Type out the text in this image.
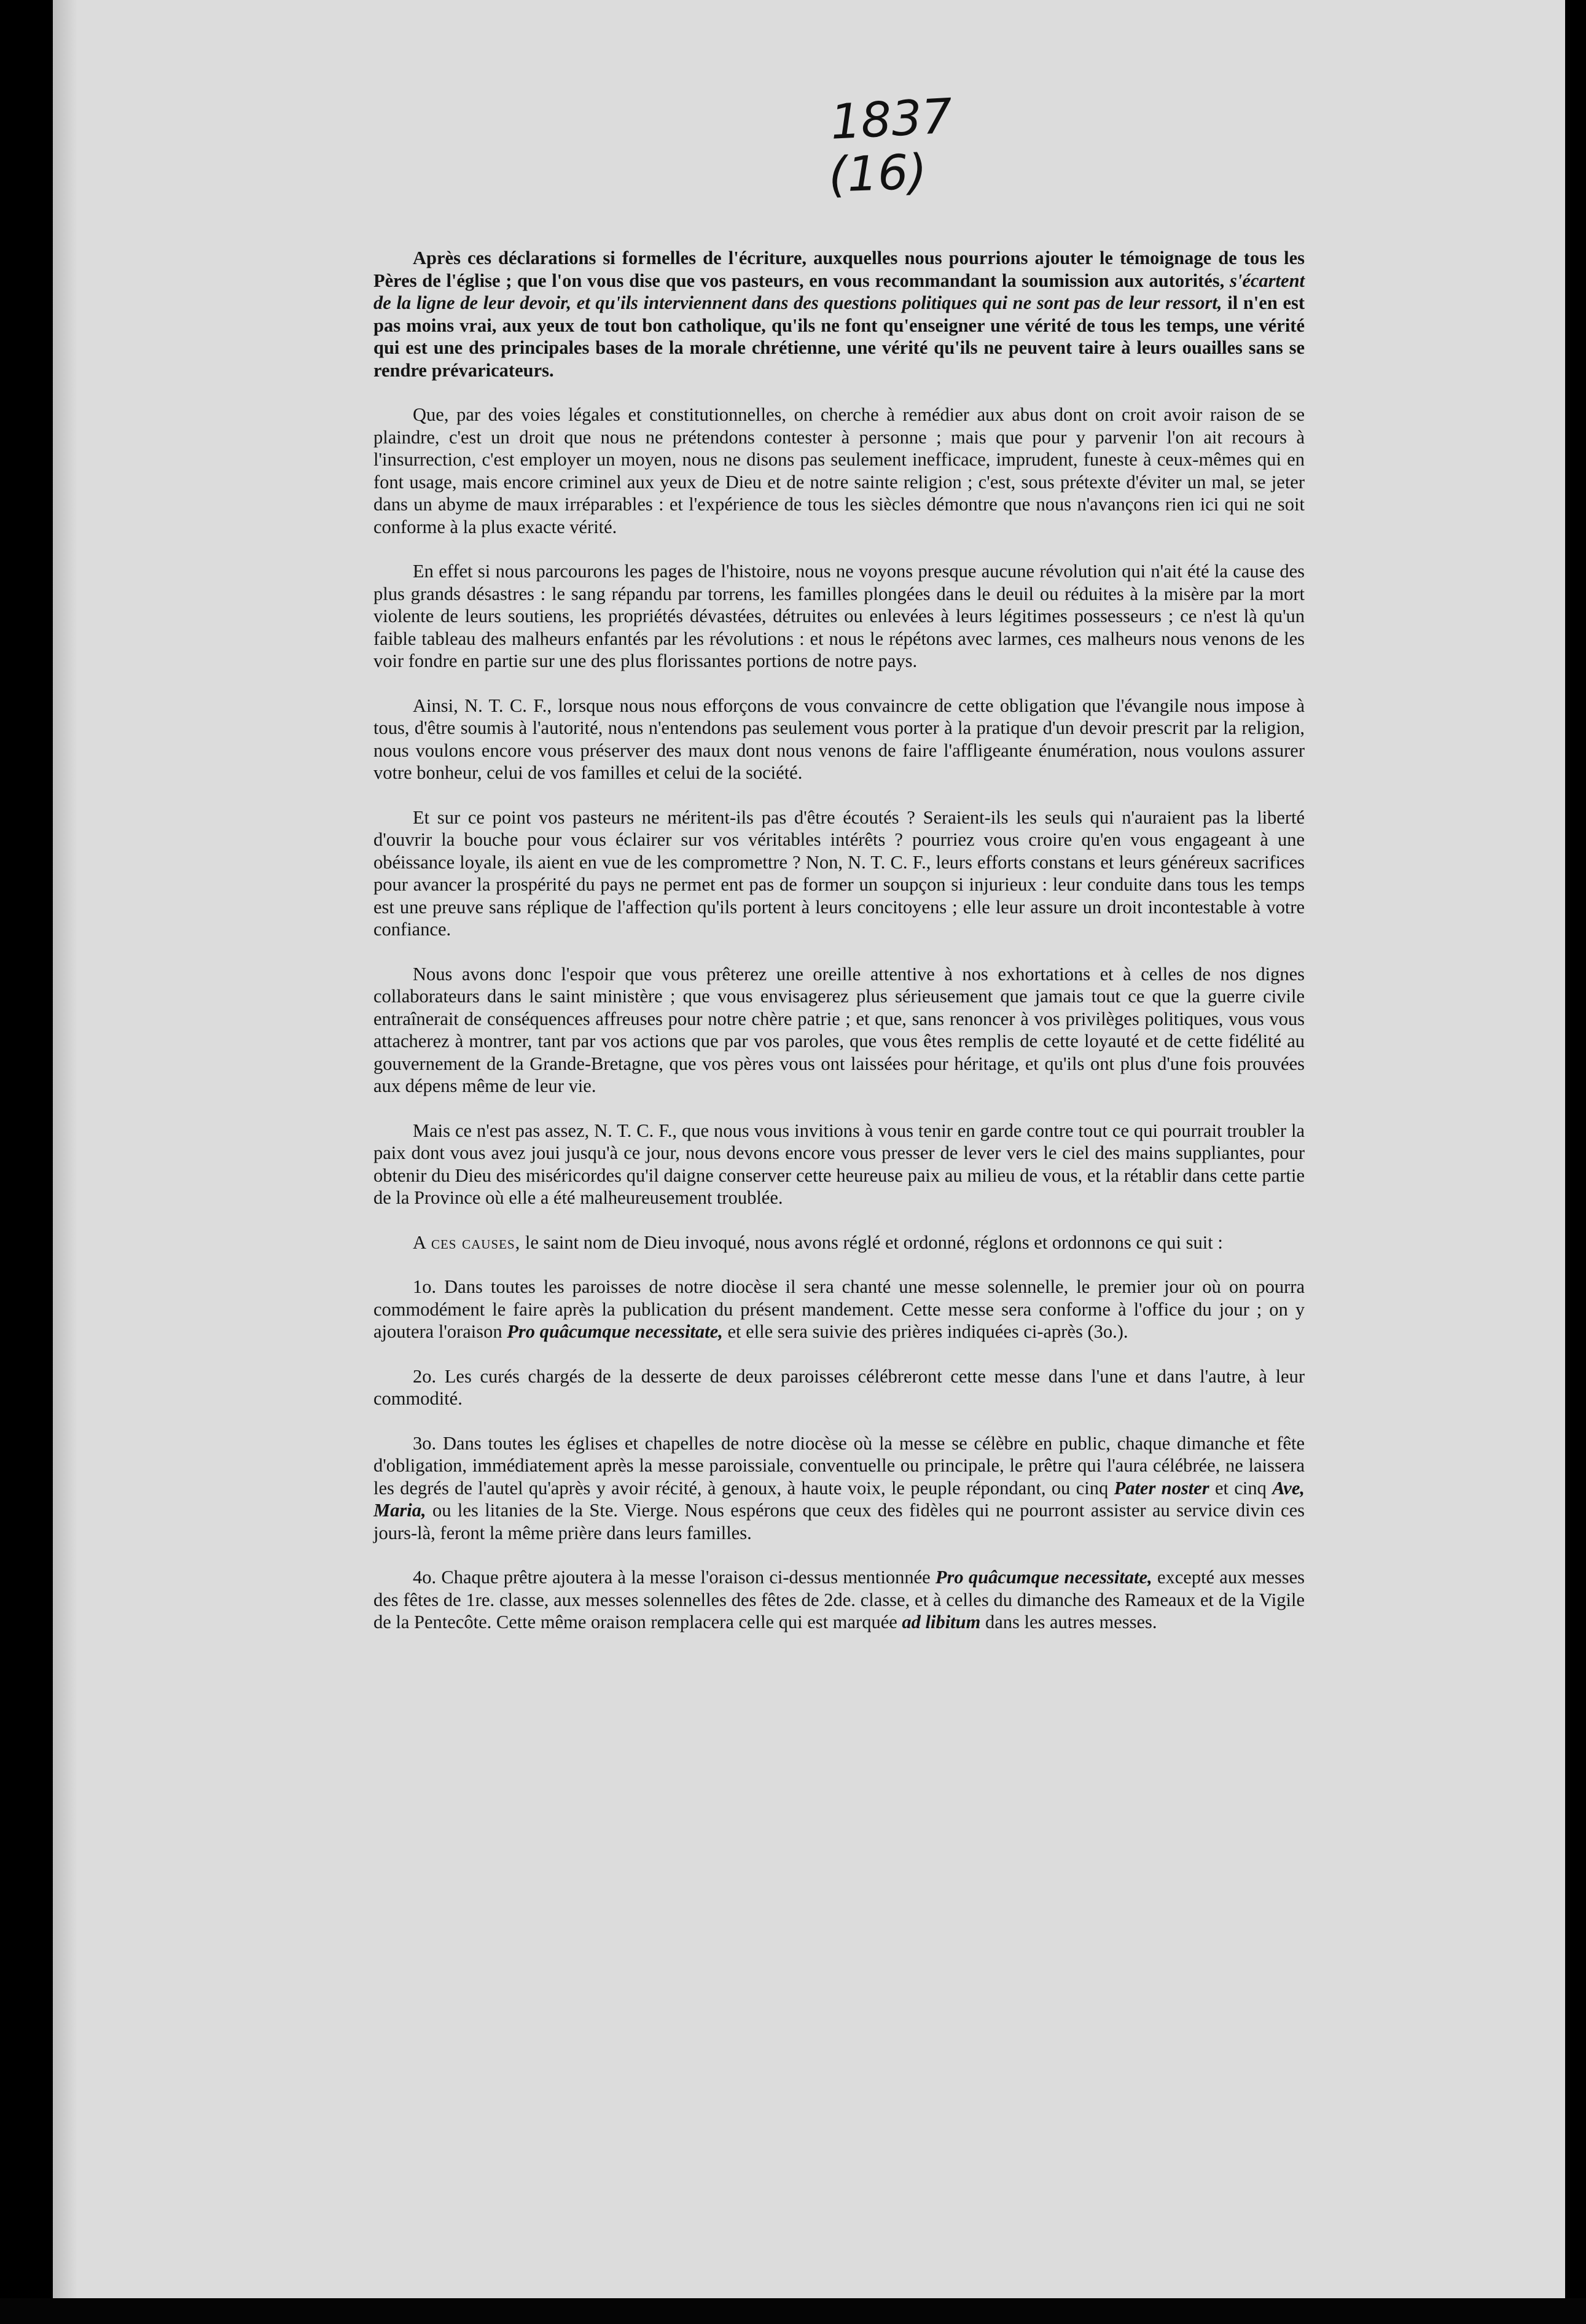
1837
(16)

Après ces déclarations si formelles de l'écriture, auxquelles nous pourrions ajouter le témoignage de tous les Pères de l'église ; que l'on vous dise que vos pasteurs, en vous recommandant la soumission aux autorités, s'écartent de la ligne de leur devoir, et qu'ils interviennent dans des questions politiques qui ne sont pas de leur ressort, il n'en est pas moins vrai, aux yeux de tout bon catholique, qu'ils ne font qu'enseigner une vérité de tous les temps, une vérité qui est une des principales bases de la morale chrétienne, une vérité qu'ils ne peuvent taire à leurs ouailles sans se rendre prévaricateurs.

Que, par des voies légales et constitutionnelles, on cherche à remédier aux abus dont on croit avoir raison de se plaindre, c'est un droit que nous ne prétendons contester à personne ; mais que pour y parvenir l'on ait recours à l'insurrection, c'est employer un moyen, nous ne disons pas seulement inefficace, imprudent, funeste à ceux-mêmes qui en font usage, mais encore criminel aux yeux de Dieu et de notre sainte religion ; c'est, sous prétexte d'éviter un mal, se jeter dans un abyme de maux irréparables : et l'expérience de tous les siècles démontre que nous n'avançons rien ici qui ne soit conforme à la plus exacte vérité.

En effet si nous parcourons les pages de l'histoire, nous ne voyons presque aucune révolution qui n'ait été la cause des plus grands désastres : le sang répandu par torrens, les familles plongées dans le deuil ou réduites à la misère par la mort violente de leurs soutiens, les propriétés dévastées, détruites ou enlevées à leurs légitimes possesseurs ; ce n'est là qu'un faible tableau des malheurs enfantés par les révolutions : et nous le répétons avec larmes, ces malheurs nous venons de les voir fondre en partie sur une des plus florissantes portions de notre pays.

Ainsi, N. T. C. F., lorsque nous nous efforçons de vous convaincre de cette obligation que l'évangile nous impose à tous, d'être soumis à l'autorité, nous n'entendons pas seulement vous porter à la pratique d'un devoir prescrit par la religion, nous voulons encore vous préserver des maux dont nous venons de faire l'affligeante énumération, nous voulons assurer votre bonheur, celui de vos familles et celui de la société.

Et sur ce point vos pasteurs ne méritent-ils pas d'être écoutés ? Seraient-ils les seuls qui n'auraient pas la liberté d'ouvrir la bouche pour vous éclairer sur vos véritables intérêts ? pourriez vous croire qu'en vous engageant à une obéissance loyale, ils aient en vue de les compromettre ? Non, N. T. C. F., leurs efforts constans et leurs généreux sacrifices pour avancer la prospérité du pays ne permet ent pas de former un soupçon si injurieux : leur conduite dans tous les temps est une preuve sans réplique de l'affection qu'ils portent à leurs concitoyens ; elle leur assure un droit incontestable à votre confiance.

Nous avons donc l'espoir que vous prêterez une oreille attentive à nos exhortations et à celles de nos dignes collaborateurs dans le saint ministère ; que vous envisagerez plus sérieusement que jamais tout ce que la guerre civile entraînerait de conséquences affreuses pour notre chère patrie ; et que, sans renoncer à vos privilèges politiques, vous vous attacherez à montrer, tant par vos actions que par vos paroles, que vous êtes remplis de cette loyauté et de cette fidélité au gouvernement de la Grande-Bretagne, que vos pères vous ont laissées pour héritage, et qu'ils ont plus d'une fois prouvées aux dépens même de leur vie.

Mais ce n'est pas assez, N. T. C. F., que nous vous invitions à vous tenir en garde contre tout ce qui pourrait troubler la paix dont vous avez joui jusqu'à ce jour, nous devons encore vous presser de lever vers le ciel des mains suppliantes, pour obtenir du Dieu des miséricordes qu'il daigne conserver cette heureuse paix au milieu de vous, et la rétablir dans cette partie de la Province où elle a été malheureusement troublée.

A ces causes, le saint nom de Dieu invoqué, nous avons réglé et ordonné, réglons et ordonnons ce qui suit :

1o. Dans toutes les paroisses de notre diocèse il sera chanté une messe solennelle, le premier jour où on pourra commodément le faire après la publication du présent mandement. Cette messe sera conforme à l'office du jour ; on y ajoutera l'oraison Pro quâcumque necessitate, et elle sera suivie des prières indiquées ci-après (3o.).

2o. Les curés chargés de la desserte de deux paroisses célébreront cette messe dans l'une et dans l'autre, à leur commodité.

3o. Dans toutes les églises et chapelles de notre diocèse où la messe se célèbre en public, chaque dimanche et fête d'obligation, immédiatement après la messe paroissiale, conventuelle ou principale, le prêtre qui l'aura célébrée, ne laissera les degrés de l'autel qu'après y avoir récité, à genoux, à haute voix, le peuple répondant, ou cinq Pater noster et cinq Ave, Maria, ou les litanies de la Ste. Vierge. Nous espérons que ceux des fidèles qui ne pourront assister au service divin ces jours-là, feront la même prière dans leurs familles.

4o. Chaque prêtre ajoutera à la messe l'oraison ci-dessus mentionnée Pro quâcumque necessitate, excepté aux messes des fêtes de 1re. classe, aux messes solennelles des fêtes de 2de. classe, et à celles du dimanche des Rameaux et de la Vigile de la Pentecôte. Cette même oraison remplacera celle qui est marquée ad libitum dans les autres messes.
